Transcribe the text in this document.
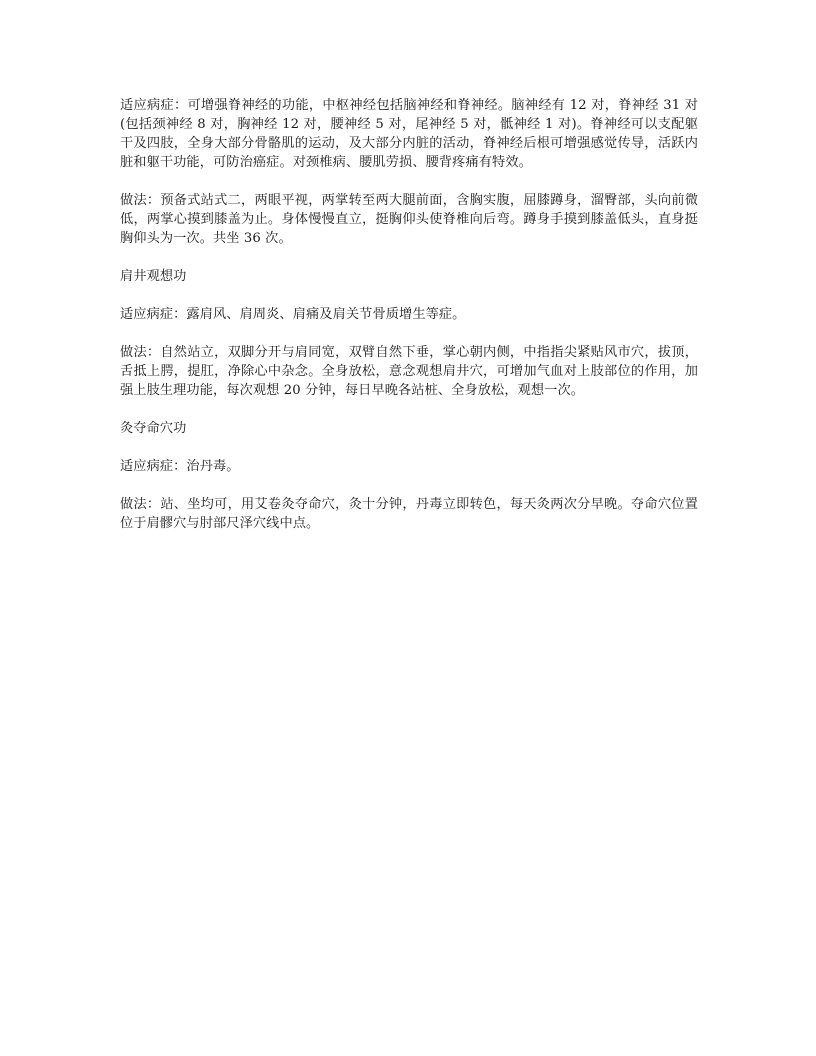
适应病症：可增强脊神经的功能，中枢神经包括脑神经和脊神经。脑神经有 12 对，脊神经 31 对(包括颈神经 8 对，胸神经 12 对，腰神经 5 对，尾神经 5 对，骶神经 1 对)。脊神经可以支配躯干及四肢，全身大部分骨骼肌的运动，及大部分内脏的活动，脊神经后根可增强感觉传导，活跃内脏和躯干功能，可防治癌症。对颈椎病、腰肌劳损、腰背疼痛有特效。

做法：预备式站式二，两眼平视，两掌转至两大腿前面，含胸实腹，屈膝蹲身，溜臀部，头向前微低，两掌心摸到膝盖为止。身体慢慢直立，挺胸仰头使脊椎向后弯。蹲身手摸到膝盖低头，直身挺胸仰头为一次。共坐 36 次。

肩井观想功

适应病症：露肩风、肩周炎、肩痛及肩关节骨质增生等症。

做法：自然站立，双脚分开与肩同宽，双臂自然下垂，掌心朝内侧，中指指尖紧贴风市穴，拔顶，舌抵上腭，提肛，净除心中杂念。全身放松，意念观想肩井穴，可增加气血对上肢部位的作用，加强上肢生理功能，每次观想 20 分钟，每日早晚各站桩、全身放松，观想一次。

灸夺命穴功

适应病症：治丹毒。

做法：站、坐均可，用艾卷灸夺命穴，灸十分钟，丹毒立即转色，每天灸两次分早晚。夺命穴位置位于肩髎穴与肘部尺泽穴线中点。
